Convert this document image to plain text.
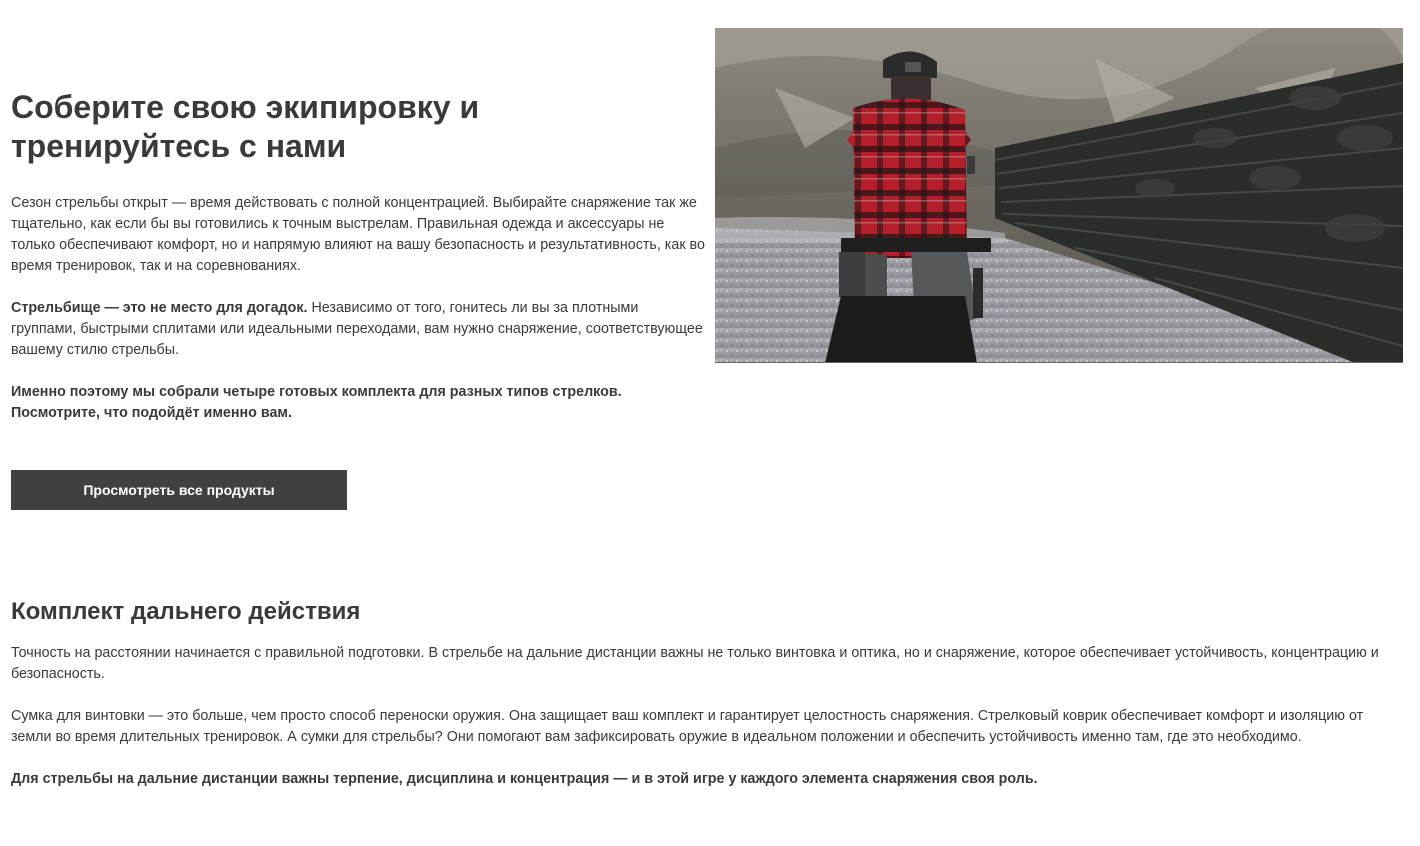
Соберите свою экипировку и тренируйтесь с нами

Сезон стрельбы открыт — время действовать с полной концентрацией. Выбирайте снаряжение так же тщательно, как если бы вы готовились к точным выстрелам. Правильная одежда и аксессуары не только обеспечивают комфорт, но и напрямую влияют на вашу безопасность и результативность, как во время тренировок, так и на соревнованиях.

Стрельбище — это не место для догадок. Независимо от того, гонитесь ли вы за плотными группами, быстрыми сплитами или идеальными переходами, вам нужно снаряжение, соответствующее вашему стилю стрельбы.

Именно поэтому мы собрали четыре готовых комплекта для разных типов стрелков. Посмотрите, что подойдёт именно вам.

Просмотреть все продукты
Комплект дальнего действия

Точность на расстоянии начинается с правильной подготовки. В стрельбе на дальние дистанции важны не только винтовка и оптика, но и снаряжение, которое обеспечивает устойчивость, концентрацию и безопасность.

Сумка для винтовки — это больше, чем просто способ переноски оружия. Она защищает ваш комплект и гарантирует целостность снаряжения. Стрелковый коврик обеспечивает комфорт и изоляцию от земли во время длительных тренировок. А сумки для стрельбы? Они помогают вам зафиксировать оружие в идеальном положении и обеспечить устойчивость именно там, где это необходимо.

Для стрельбы на дальние дистанции важны терпение, дисциплина и концентрация — и в этой игре у каждого элемента снаряжения своя роль.
